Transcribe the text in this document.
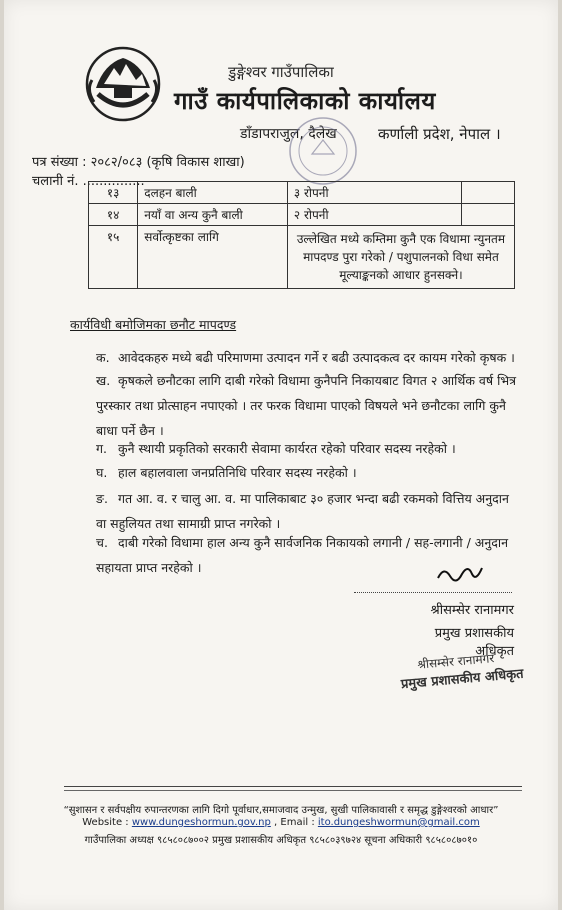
डुङ्गेश्वर गाउँपालिका
गाउँ कार्यपालिकाको कार्यालय
डाँडापराजुल, दैलेख	कर्णाली प्रदेश, नेपाल ।
पत्र संख्या : २०८२/०८३ (कृषि विकास शाखा)
चलानी नं. ...............
१३	दलहन बाली	३ रोपनी	
१४	नयाँ वा अन्य कुनै बाली	२ रोपनी	
१५	सर्वोत्कृष्टका लागि	उल्लेखित मध्ये कम्तिमा कुनै एक विधामा न्युनतम मापदण्ड पुरा गरेको / पशुपालनको विधा समेत मूल्याङ्कनको आधार हुनसक्ने।	
कार्यविधी बमोजिमका छनौट मापदण्ड
क. आवेदकहरु मध्ये बढी परिमाणमा उत्पादन गर्ने र बढी उत्पादकत्व दर कायम गरेको कृषक ।
ख. कृषकले छनौटका लागि दाबी गरेको विधामा कुनैपनि निकायबाट विगत २ आर्थिक वर्ष भित्र पुरस्कार तथा प्रोत्साहन नपाएको । तर फरक विधामा पाएको विषयले भने छनौटका लागि कुनै बाधा पर्ने छैन ।
ग. कुनै स्थायी प्रकृतिको सरकारी सेवामा कार्यरत रहेको परिवार सदस्य नरहेको ।
घ. हाल बहालवाला जनप्रतिनिधि परिवार सदस्य नरहेको ।
ङ. गत आ. व. र चालु आ. व. मा पालिकाबाट ३० हजार भन्दा बढी रकमको वित्तिय अनुदान वा सहुलियत तथा सामाग्री प्राप्त नगरेको ।
च. दाबी गरेको विधामा हाल अन्य कुनै सार्वजनिक निकायको लगानी / सह-लगानी / अनुदान सहायता प्राप्त नरहेको ।
श्रीसम्सेर रानामगर
प्रमुख प्रशासकीय अधिकृत
श्रीसम्सेर रानामगर
प्रमुख प्रशासकीय अधिकृत
“सुशासन र सर्वपक्षीय रुपान्तरणका लागि दिगो पूर्वाधार,समाजवाद उन्मुख, सुखी पालिकावासी र समृद्ध डुङ्गेश्वरको आधार”
Website : www.dungeshormun.gov.np , Email : ito.dungeshwormun@gmail.com
गाउँपालिका अध्यक्ष ९८५८०८७००२ प्रमुख प्रशासकीय अधिकृत ९८५८०३९७२४ सूचना अधिकारी ९८५८०८७०१०
